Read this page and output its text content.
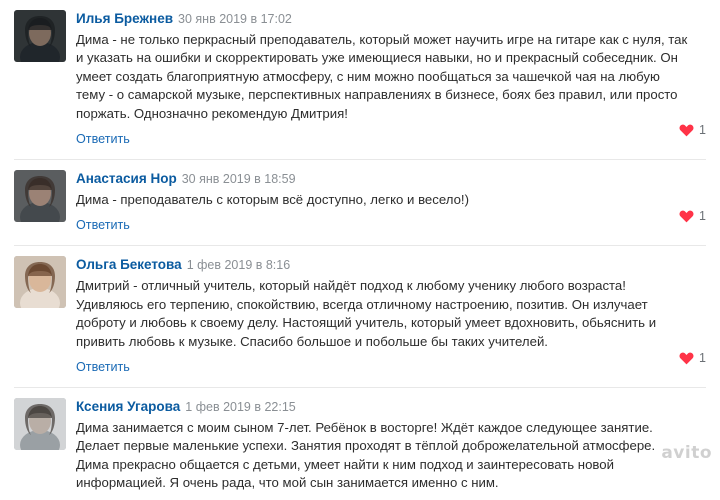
Илья Брежнев 30 янв 2019 в 17:02

Дима - не только перкрасный преподаватель, который может научить игре на гитаре как с нуля, так и указать на ошибки и скорректировать уже имеющиеся навыки, но и прекрасный собеседник. Он умеет создать благоприятную атмосферу, с ним можно пообщаться за чашечкой чая на любую тему - о самарской музыке, перспективных направлениях в бизнесе, боях без правил, или просто поржать. Однозначно рекомендую Дмитрия!

Ответить
1
Анастасия Нор 30 янв 2019 в 18:59

Дима - преподаватель с которым всё доступно, легко и весело!)

Ответить
1
Ольга Бекетова 1 фев 2019 в 8:16

Дмитрий - отличный учитель, который найдёт подход к любому ученику любого возраста! Удивляюсь его терпению, спокойствию, всегда отличному настроению, позитив. Он излучает доброту и любовь к своему делу. Настоящий учитель, который умеет вдохновить, обьяснить и привить любовь к музыке. Спасибо большое и побольше бы таких учителей.

Ответить
1
Ксения Угарова 1 фев 2019 в 22:15

Дима занимается с моим сыном 7-лет. Ребёнок в восторге! Ждёт каждое следующее занятие. Делает первые маленькие успехи. Занятия проходят в тёплой доброжелательной атмосфере. Дима прекрасно общается с детьми, умеет найти к ним подход и заинтересовать новой информацией. Я очень рада, что мой сын занимается именно с ним.

avito
